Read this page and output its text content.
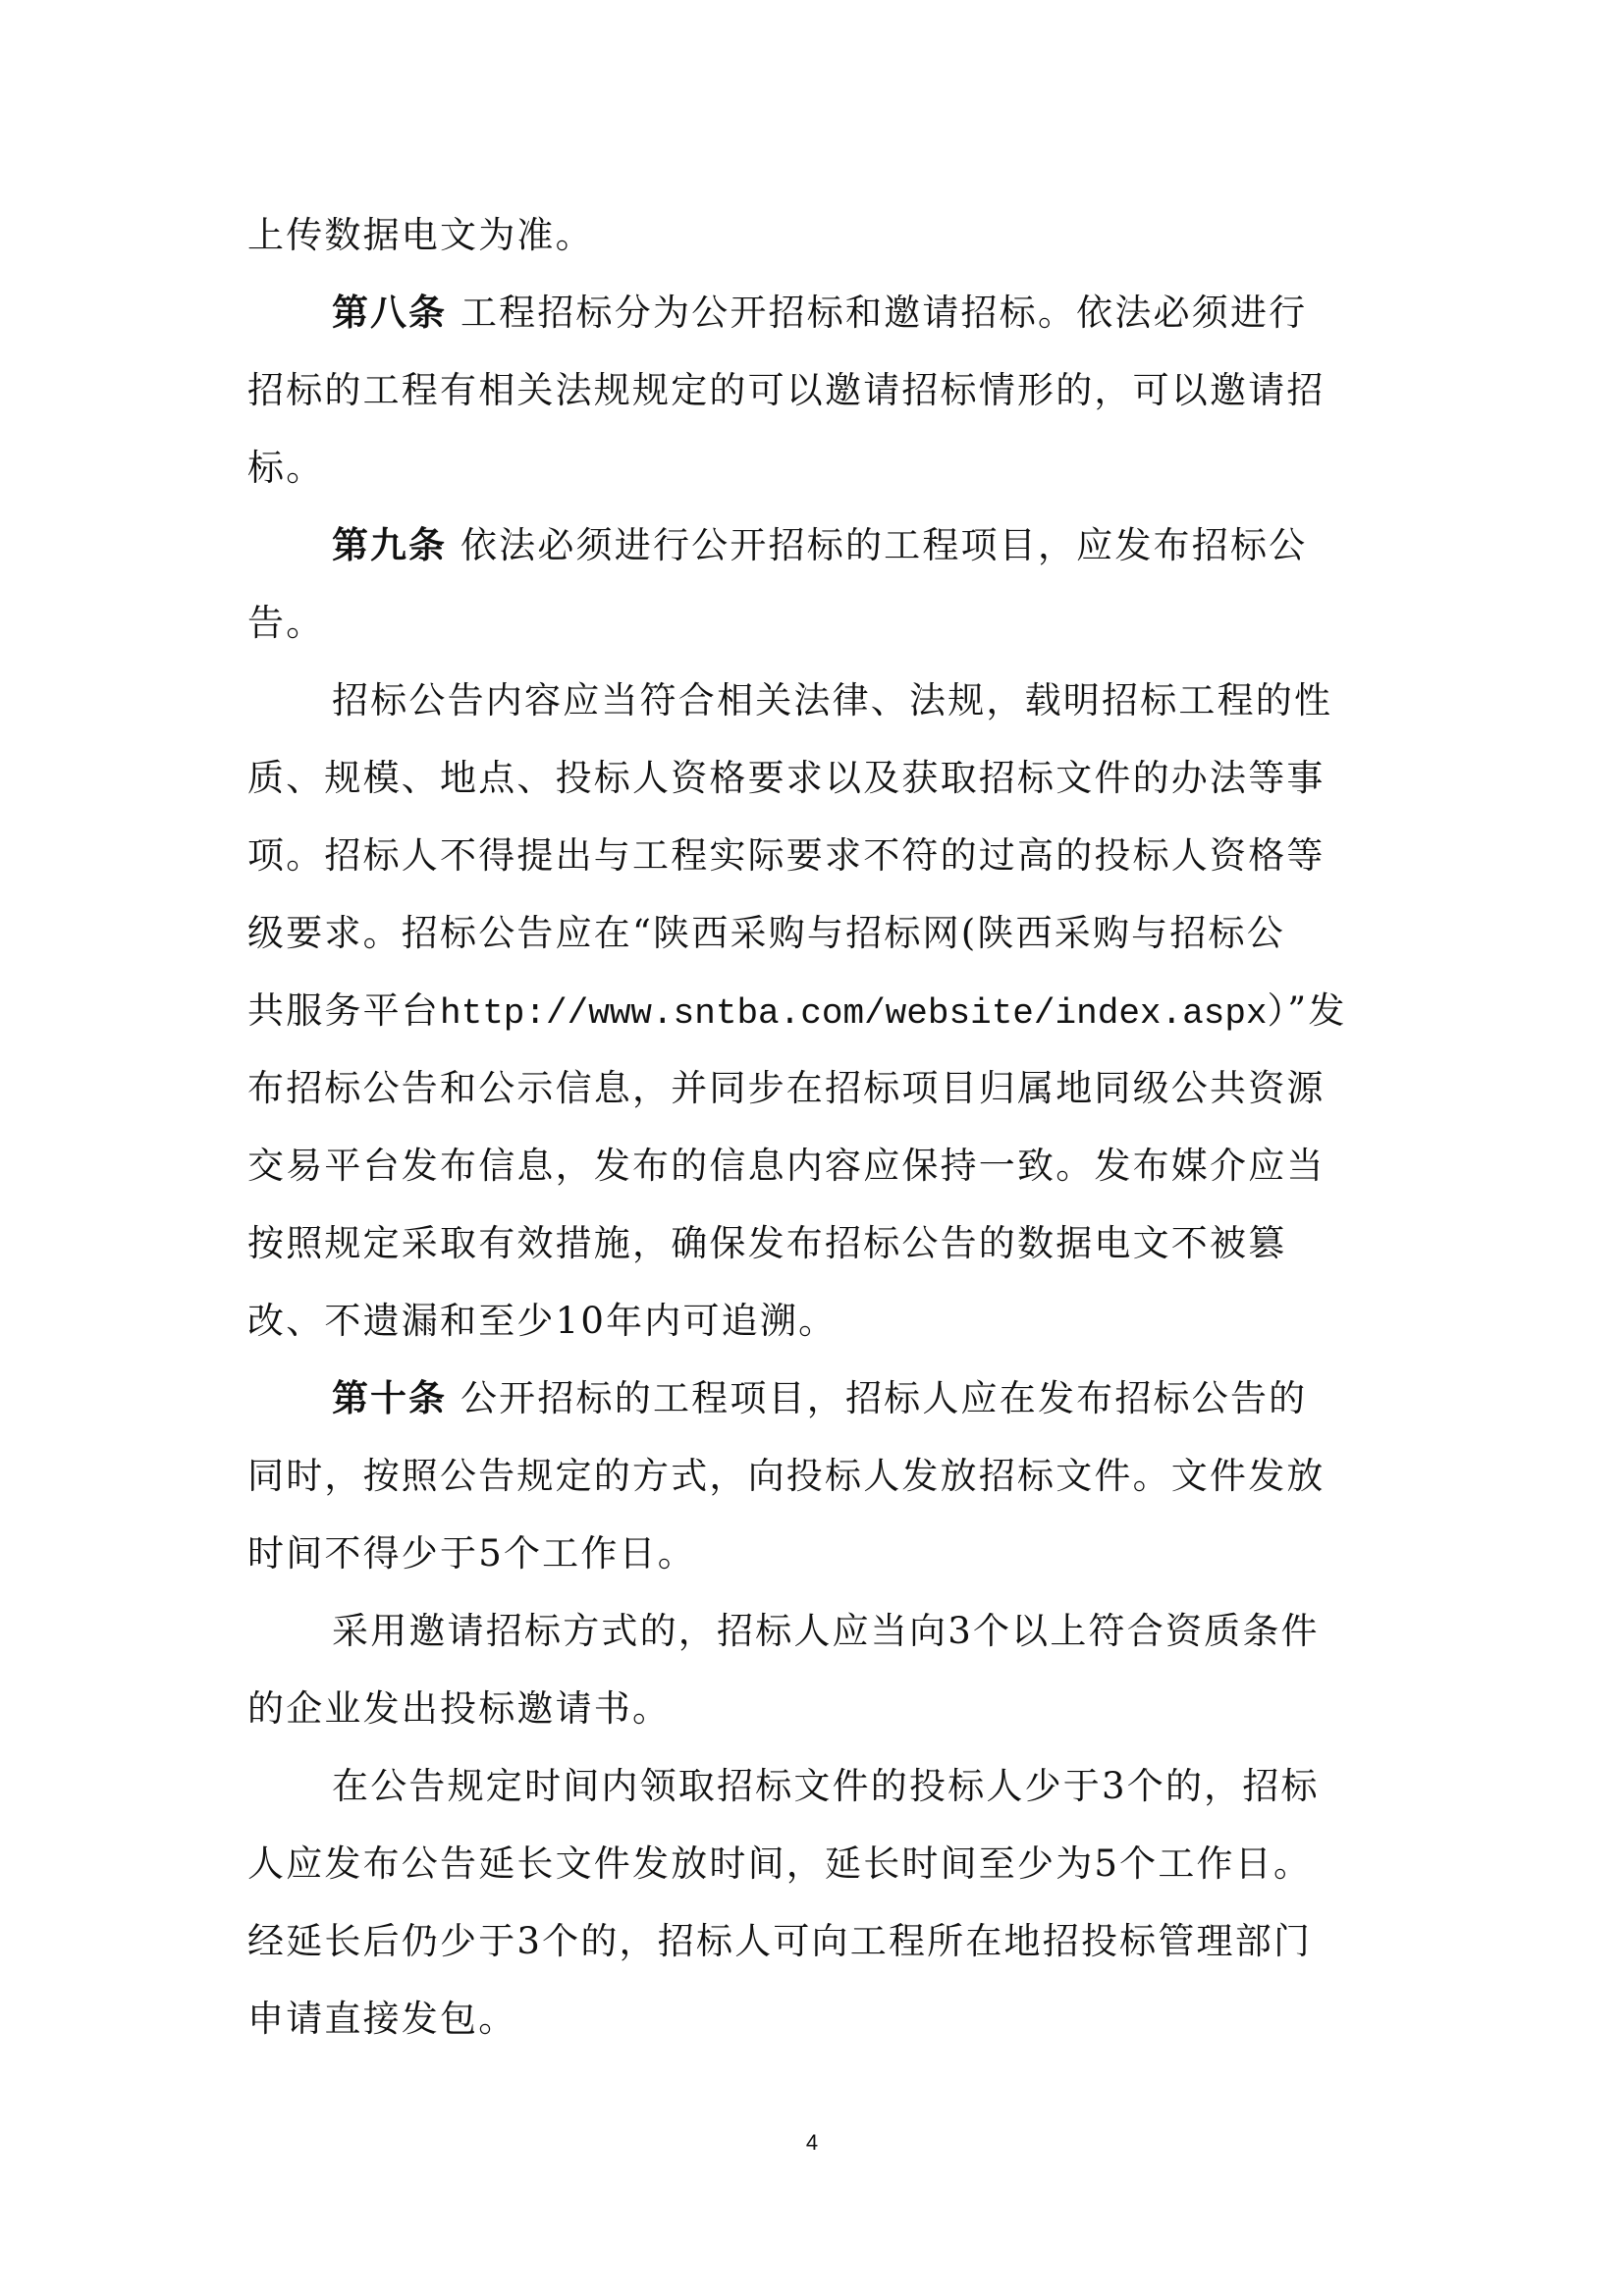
上传数据电文为准。
第八条 工程招标分为公开招标和邀请招标。依法必须进行
招标的工程有相关法规规定的可以邀请招标情形的，可以邀请招
标。
第九条 依法必须进行公开招标的工程项目，应发布招标公
告。
招标公告内容应当符合相关法律、法规，载明招标工程的性
质、规模、地点、投标人资格要求以及获取招标文件的办法等事
项。招标人不得提出与工程实际要求不符的过高的投标人资格等
级要求。招标公告应在“陕西采购与招标网(陕西采购与招标公
共服务平台http://www.sntba.com/website/index.aspx）”发
布招标公告和公示信息，并同步在招标项目归属地同级公共资源
交易平台发布信息，发布的信息内容应保持一致。发布媒介应当
按照规定采取有效措施，确保发布招标公告的数据电文不被篡
改、不遗漏和至少10年内可追溯。
第十条 公开招标的工程项目，招标人应在发布招标公告的
同时，按照公告规定的方式，向投标人发放招标文件。文件发放
时间不得少于5个工作日。
采用邀请招标方式的，招标人应当向3个以上符合资质条件
的企业发出投标邀请书。
在公告规定时间内领取招标文件的投标人少于3个的，招标
人应发布公告延长文件发放时间，延长时间至少为5个工作日。
经延长后仍少于3个的，招标人可向工程所在地招投标管理部门
申请直接发包。
4
